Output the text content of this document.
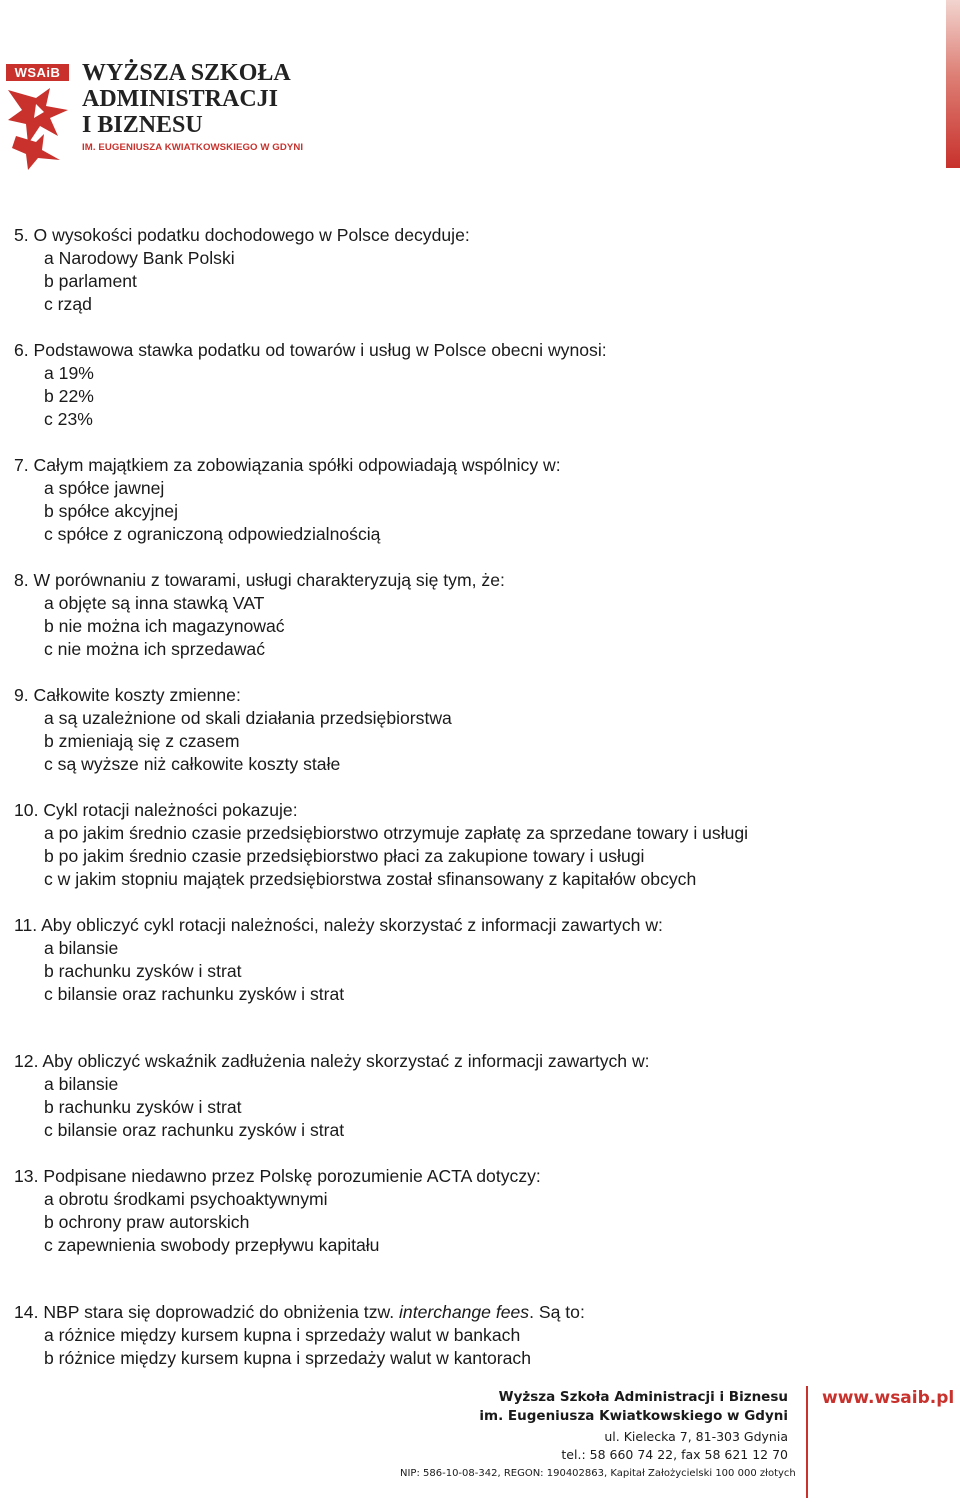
WSAiB WYŻSZA SZKOŁA
ADMINISTRACJI
I BIZNESU
IM. EUGENIUSZA KWIATKOWSKIEGO W GDYNI
5. O wysokości podatku dochodowego w Polsce decyduje:
a Narodowy Bank Polski
b parlament
c rząd
6. Podstawowa stawka podatku od towarów i usług w Polsce obecni wynosi:
a 19%
b 22%
c 23%
7. Całym majątkiem za zobowiązania spółki odpowiadają wspólnicy w:
a spółce jawnej
b spółce akcyjnej
c spółce z ograniczoną odpowiedzialnością
8. W porównaniu z towarami, usługi charakteryzują się tym, że:
a objęte są inna stawką VAT
b nie można ich magazynować
c nie można ich sprzedawać
9. Całkowite koszty zmienne:
a są uzależnione od skali działania przedsiębiorstwa
b zmieniają się z czasem
c są wyższe niż całkowite koszty stałe
10. Cykl rotacji należności pokazuje:
a po jakim średnio czasie przedsiębiorstwo otrzymuje zapłatę za sprzedane towary i usługi
b po jakim średnio czasie przedsiębiorstwo płaci za zakupione towary i usługi
c w jakim stopniu majątek przedsiębiorstwa został sfinansowany z kapitałów obcych
11. Aby obliczyć cykl rotacji należności, należy skorzystać z informacji zawartych w:
a bilansie
b rachunku zysków i strat
c bilansie oraz rachunku zysków i strat
12. Aby obliczyć wskaźnik zadłużenia należy skorzystać z informacji zawartych w:
a bilansie
b rachunku zysków i strat
c bilansie oraz rachunku zysków i strat
13. Podpisane niedawno przez Polskę porozumienie ACTA dotyczy:
a obrotu środkami psychoaktywnymi
b ochrony praw autorskich
c zapewnienia swobody przepływu kapitału
14. NBP stara się doprowadzić do obniżenia tzw. interchange fees. Są to:
a różnice między kursem kupna i sprzedaży walut w bankach
b różnice między kursem kupna i sprzedaży walut w kantorach
Wyższa Szkoła Administracji i Biznesu
im. Eugeniusza Kwiatkowskiego w Gdyni
ul. Kielecka 7, 81-303 Gdynia
tel.: 58 660 74 22, fax 58 621 12 70
NIP: 586-10-08-342, REGON: 190402863, Kapitał Założycielski 100 000 złotych
www.wsaib.pl
